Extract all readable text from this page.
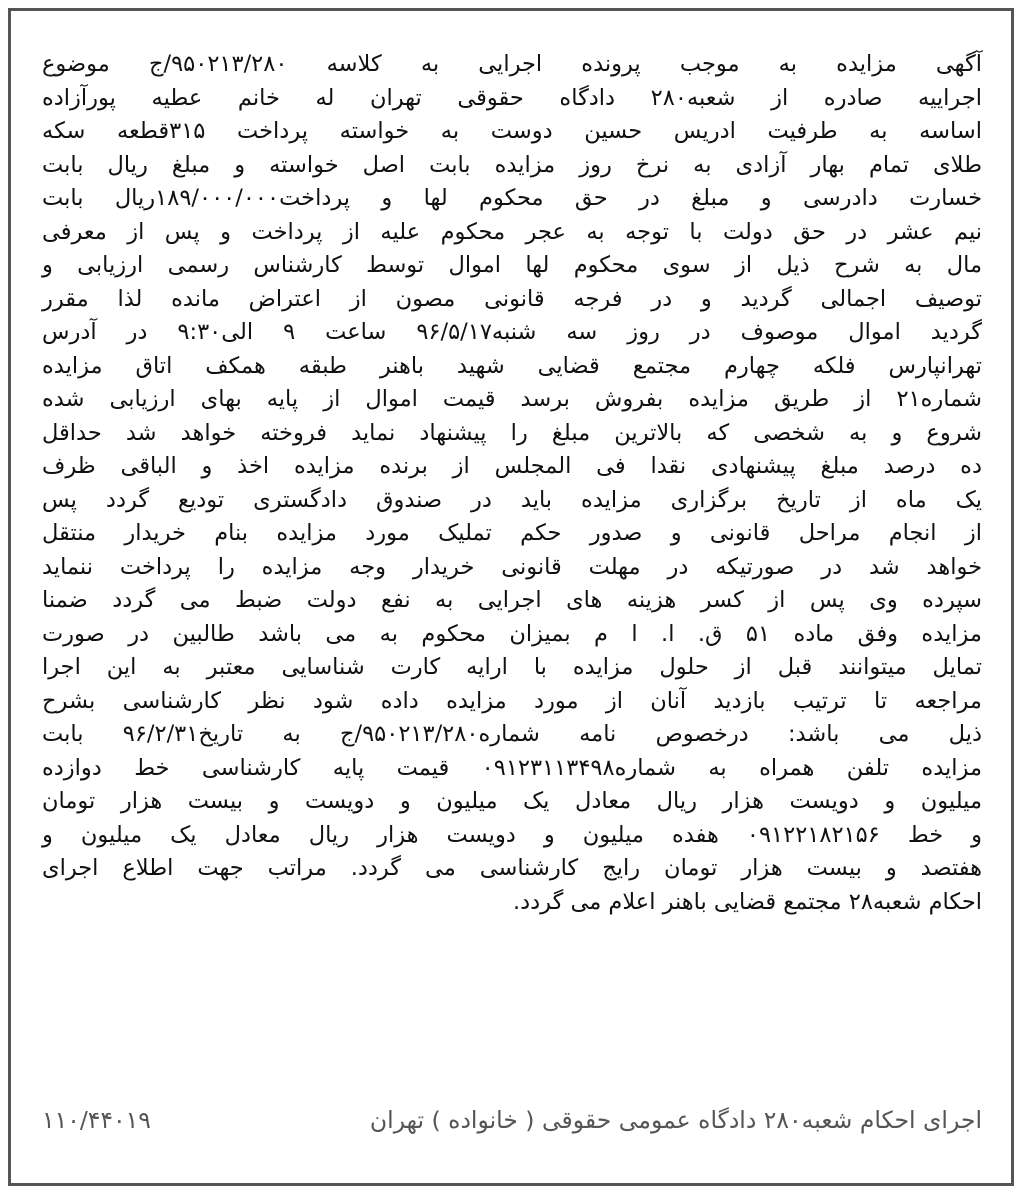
آگهی مزایده به موجب پرونده اجرایی به کلاسه ۹۵۰۲۱۳/۲۸۰/ج موضوع
اجراییه صادره از شعبه۲۸۰ دادگاه حقوقی تهران له خانم عطیه پورآزاده
اساسه به طرفیت ادریس حسین دوست به خواسته پرداخت ۳۱۵قطعه سکه
طلای تمام بهار آزادی به نرخ روز مزایده بابت اصل خواسته و مبلغ ریال بابت
خسارت دادرسی و مبلغ در حق محکوم لها و پرداخت۱۸۹/۰۰۰/۰۰۰ریال بابت
نیم عشر در حق دولت با توجه به عجر محکوم علیه از پرداخت و پس از معرفی
مال به شرح ذیل از سوی محکوم لها اموال توسط کارشناس رسمی ارزیابی و
توصیف اجمالی گردید و در فرجه قانونی مصون از اعتراض مانده لذا مقرر
گردید اموال موصوف در روز سه شنبه۹۶/۵/۱۷ ساعت ۹ الی۹:۳۰ در آدرس
تهرانپارس فلکه چهارم مجتمع قضایی شهید باهنر طبقه همکف اتاق مزایده
شماره۲۱ از طریق مزایده بفروش برسد قیمت اموال از پایه بهای ارزیابی شده
شروع و به شخصی که بالاترین مبلغ را پیشنهاد نماید فروخته خواهد شد حداقل
ده درصد مبلغ پیشنهادی نقدا فی المجلس از برنده مزایده اخذ و الباقی ظرف
یک ماه از تاریخ برگزاری مزایده باید در صندوق دادگستری تودیع گردد پس
از انجام مراحل قانونی و صدور حکم تملیک مورد مزایده بنام خریدار منتقل
خواهد شد در صورتیکه در مهلت قانونی خریدار وجه مزایده را پرداخت ننماید
سپرده وی پس از کسر هزینه های اجرایی به نفع دولت ضبط می گردد ضمنا
مزایده وفق ماده ۵۱ ق. ا. ا م بمیزان محکوم به می باشد طالبین در صورت
تمایل میتوانند قبل از حلول مزایده با ارایه کارت شناسایی معتبر به این اجرا
مراجعه تا ترتیب بازدید آنان از مورد مزایده داده شود نظر کارشناسی بشرح
ذیل می باشد: درخصوص نامه شماره۹۵۰۲۱۳/۲۸۰/ج به تاریخ۹۶/۲/۳۱ بابت
مزایده تلفن همراه به شماره۰۹۱۲۳۱۱۳۴۹۸ قیمت پایه کارشناسی خط دوازده
میلیون و دویست هزار ریال معادل یک میلیون و دویست و بیست هزار تومان
و خط ۰۹۱۲۲۱۸۲۱۵۶ هفده میلیون و دویست هزار ریال معادل یک میلیون و
هفتصد و بیست هزار تومان رایج کارشناسی می گردد. مراتب جهت اطلاع اجرای
احکام شعبه۲۸ مجتمع قضایی باهنر اعلام می گردد.
اجرای احکام شعبه۲۸۰ دادگاه عمومی حقوقی ( خانواده ) تهران
۱۱۰/۴۴۰۱۹
